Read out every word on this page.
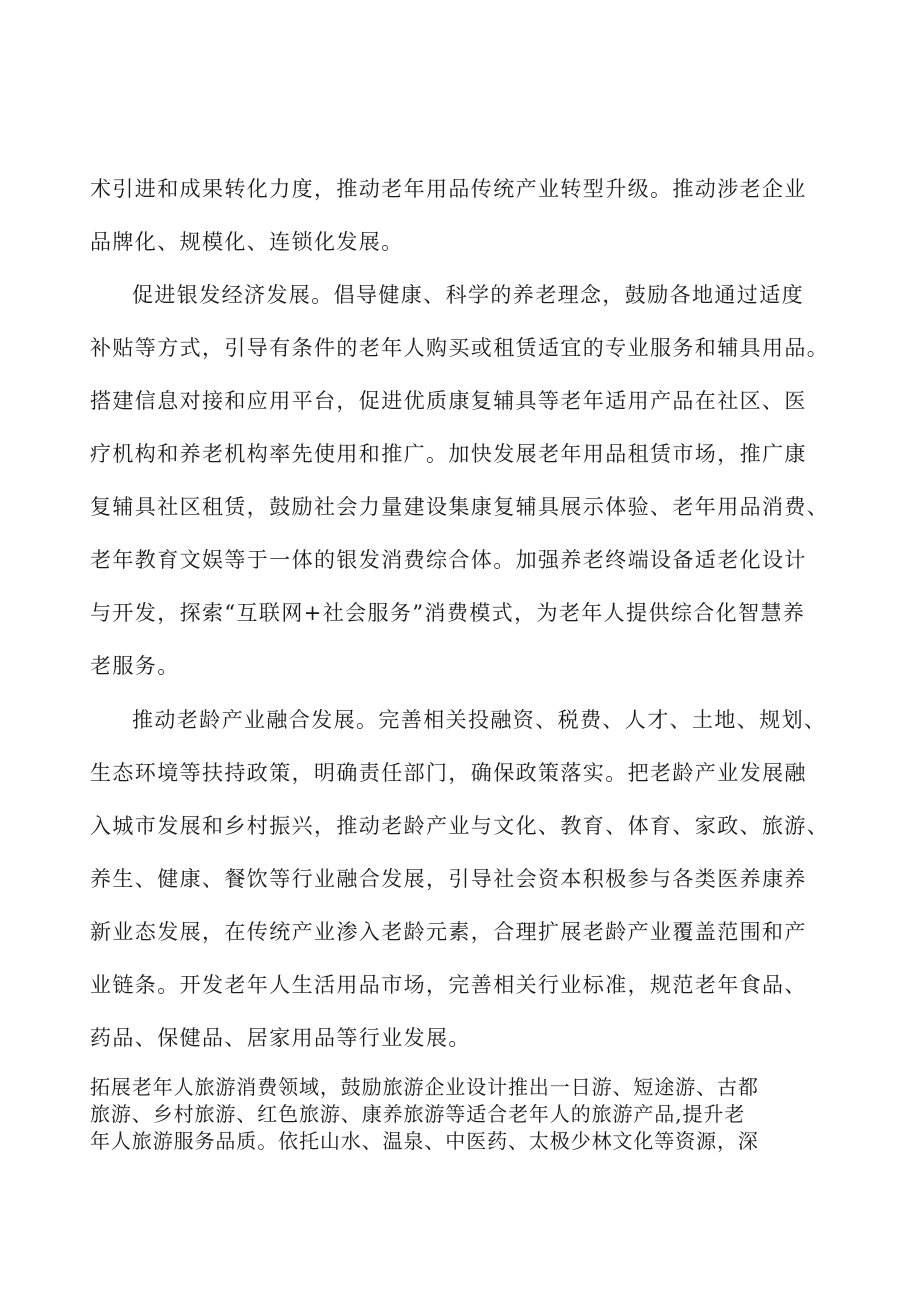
术引进和成果转化力度，推动老年用品传统产业转型升级。推动涉老企业
品牌化、规模化、连锁化发展。
促进银发经济发展。倡导健康、科学的养老理念，鼓励各地通过适度
补贴等方式，引导有条件的老年人购买或租赁适宜的专业服务和辅具用品。
搭建信息对接和应用平台，促进优质康复辅具等老年适用产品在社区、医
疗机构和养老机构率先使用和推广。加快发展老年用品租赁市场，推广康
复辅具社区租赁，鼓励社会力量建设集康复辅具展示体验、老年用品消费、
老年教育文娱等于一体的银发消费综合体。加强养老终端设备适老化设计
与开发，探索“互联网+社会服务”消费模式，为老年人提供综合化智慧养
老服务。
推动老龄产业融合发展。完善相关投融资、税费、人才、土地、规划、
生态环境等扶持政策，明确责任部门，确保政策落实。把老龄产业发展融
入城市发展和乡村振兴，推动老龄产业与文化、教育、体育、家政、旅游、
养生、健康、餐饮等行业融合发展，引导社会资本积极参与各类医养康养
新业态发展，在传统产业渗入老龄元素，合理扩展老龄产业覆盖范围和产
业链条。开发老年人生活用品市场，完善相关行业标准，规范老年食品、
药品、保健品、居家用品等行业发展。
拓展老年人旅游消费领域，鼓励旅游企业设计推出一日游、短途游、古都
旅游、乡村旅游、红色旅游、康养旅游等适合老年人的旅游产品,提升老
年人旅游服务品质。依托山水、温泉、中医药、太极少林文化等资源，深
